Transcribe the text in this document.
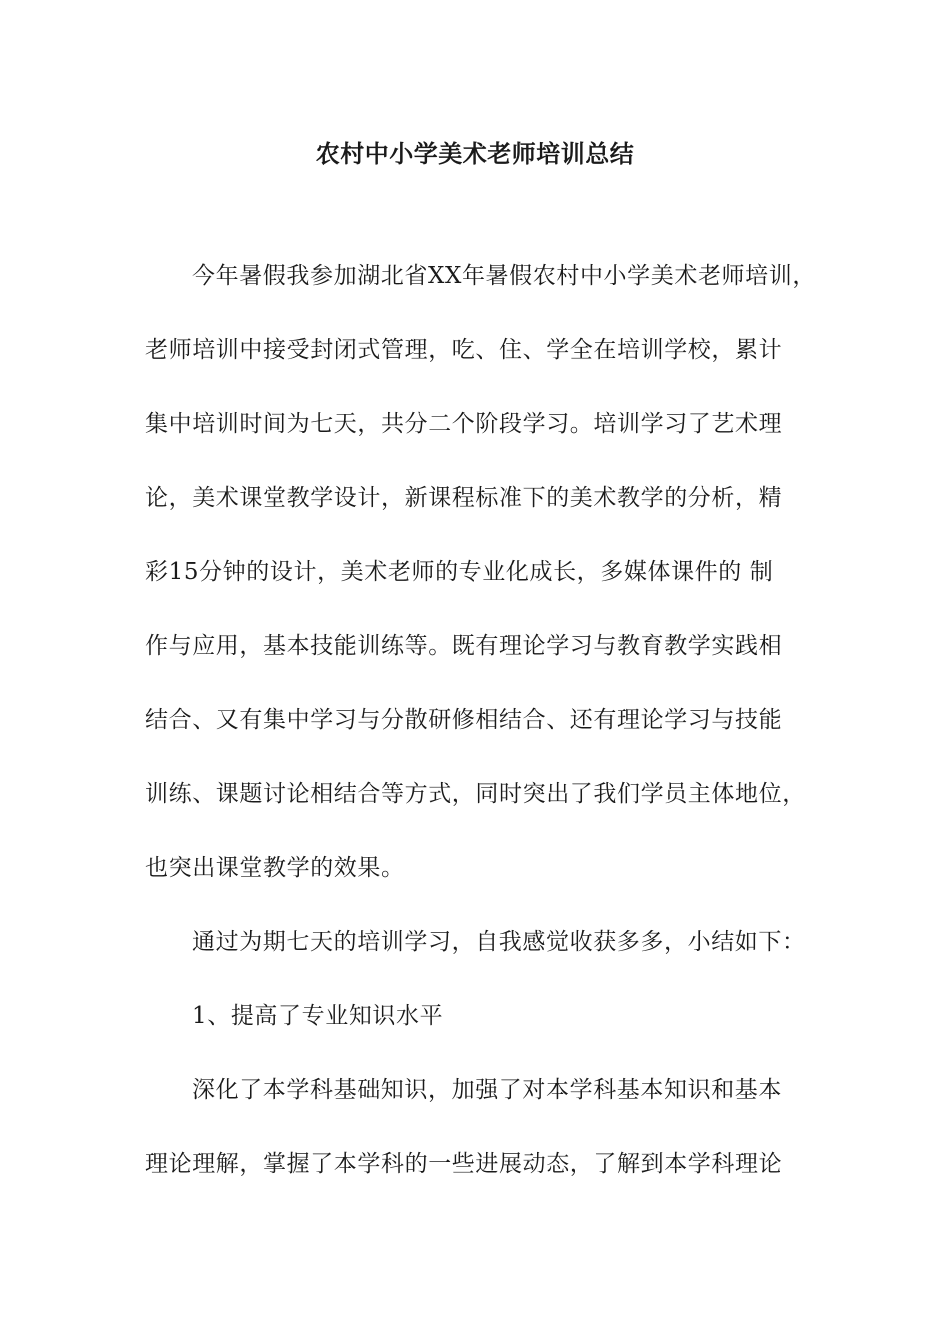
农村中小学美术老师培训总结
今年暑假我参加湖北省XX年暑假农村中小学美术老师培训，
老师培训中接受封闭式管理，吃、住、学全在培训学校，累计
集中培训时间为七天，共分二个阶段学习。培训学习了艺术理
论，美术课堂教学设计，新课程标准下的美术教学的分析，精
彩15分钟的设计，美术老师的专业化成长，多媒体课件的 制
作与应用，基本技能训练等。既有理论学习与教育教学实践相
结合、又有集中学习与分散研修相结合、还有理论学习与技能
训练、课题讨论相结合等方式，同时突出了我们学员主体地位，
也突出课堂教学的效果。
通过为期七天的培训学习，自我感觉收获多多，小结如下：
1、提高了专业知识水平
深化了本学科基础知识，加强了对本学科基本知识和基本
理论理解，掌握了本学科的一些进展动态，了解到本学科理论
